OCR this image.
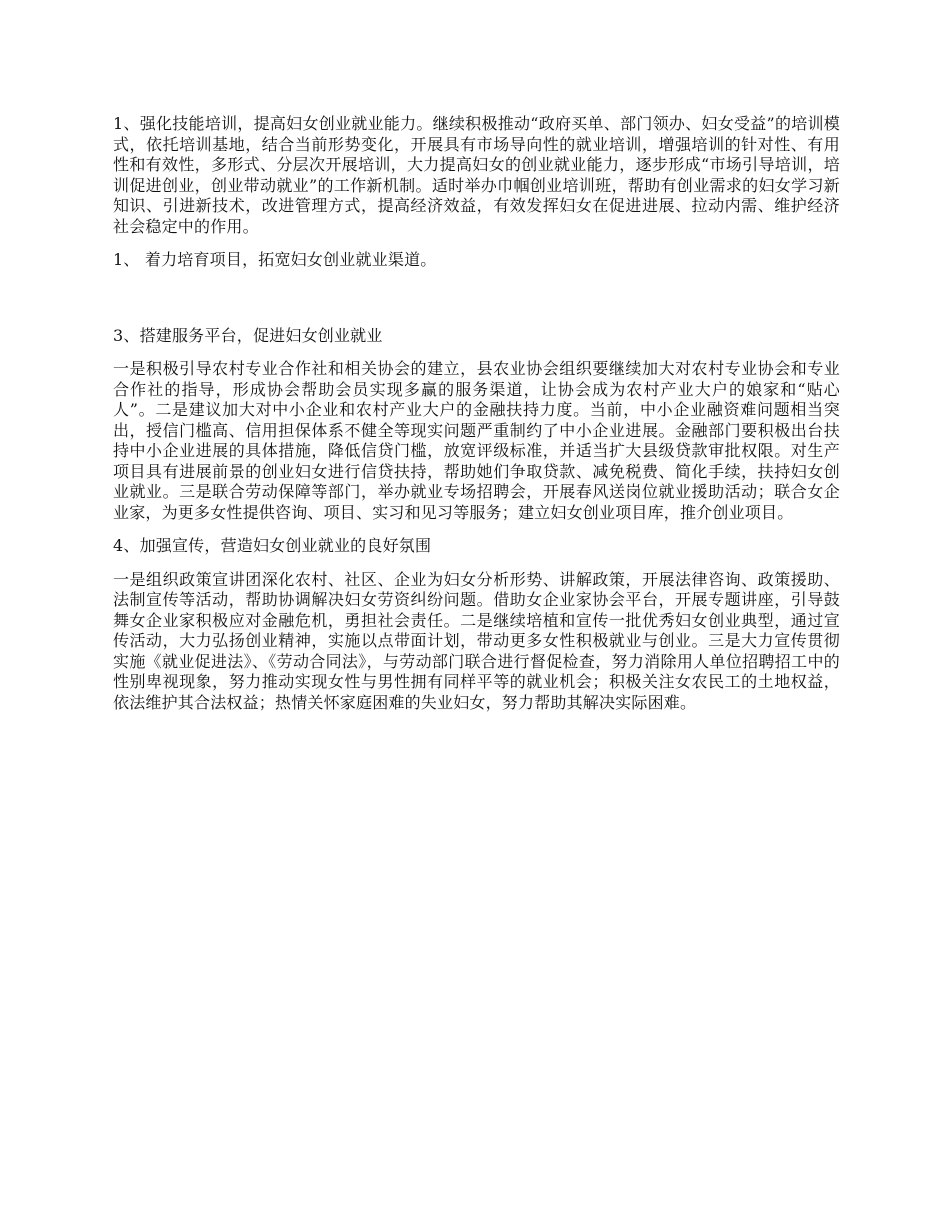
1、强化技能培训，提高妇女创业就业能力。继续积极推动“政府买单、部门领办、妇女受益”的培训模式，依托培训基地，结合当前形势变化，开展具有市场导向性的就业培训，增强培训的针对性、有用性和有效性，多形式、分层次开展培训，大力提高妇女的创业就业能力，逐步形成“市场引导培训，培训促进创业，创业带动就业”的工作新机制。适时举办巾帼创业培训班，帮助有创业需求的妇女学习新知识、引进新技术，改进管理方式，提高经济效益，有效发挥妇女在促进进展、拉动内需、维护经济社会稳定中的作用。

1、 着力培育项目，拓宽妇女创业就业渠道。

3、搭建服务平台，促进妇女创业就业

一是积极引导农村专业合作社和相关协会的建立，县农业协会组织要继续加大对农村专业协会和专业合作社的指导，形成协会帮助会员实现多赢的服务渠道，让协会成为农村产业大户的娘家和“贴心人”。二是建议加大对中小企业和农村产业大户的金融扶持力度。当前，中小企业融资难问题相当突出，授信门槛高、信用担保体系不健全等现实问题严重制约了中小企业进展。金融部门要积极出台扶持中小企业进展的具体措施，降低信贷门槛，放宽评级标准，并适当扩大县级贷款审批权限。对生产项目具有进展前景的创业妇女进行信贷扶持，帮助她们争取贷款、减免税费、简化手续，扶持妇女创业就业。三是联合劳动保障等部门，举办就业专场招聘会，开展春风送岗位就业援助活动；联合女企业家，为更多女性提供咨询、项目、实习和见习等服务；建立妇女创业项目库，推介创业项目。

4、加强宣传，营造妇女创业就业的良好氛围

一是组织政策宣讲团深化农村、社区、企业为妇女分析形势、讲解政策，开展法律咨询、政策援助、法制宣传等活动，帮助协调解决妇女劳资纠纷问题。借助女企业家协会平台，开展专题讲座，引导鼓舞女企业家积极应对金融危机，勇担社会责任。二是继续培植和宣传一批优秀妇女创业典型，通过宣传活动，大力弘扬创业精神，实施以点带面计划，带动更多女性积极就业与创业。三是大力宣传贯彻实施《就业促进法》、《劳动合同法》，与劳动部门联合进行督促检查，努力消除用人单位招聘招工中的性别卑视现象，努力推动实现女性与男性拥有同样平等的就业机会；积极关注女农民工的土地权益，依法维护其合法权益；热情关怀家庭困难的失业妇女，努力帮助其解决实际困难。
